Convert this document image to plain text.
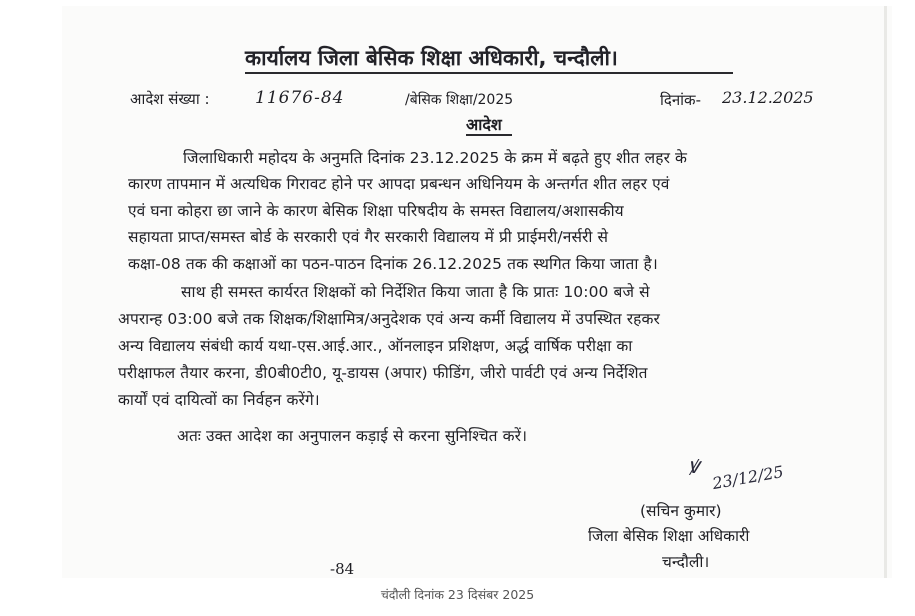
कार्यालय जिला बेसिक शिक्षा अधिकारी, चन्दौली।
आदेश संख्या :	11676-84	/बेसिक शिक्षा/2025	दिनांक- 23.12.2025
आदेश
जिलाधिकारी महोदय के अनुमति दिनांक 23.12.2025 के क्रम में बढ़ते हुए शीत लहर के
कारण तापमान में अत्यधिक गिरावट होने पर आपदा प्रबन्धन अधिनियम के अन्तर्गत शीत लहर एवं
एवं घना कोहरा छा जाने के कारण बेसिक शिक्षा परिषदीय के समस्त विद्यालय/अशासकीय
सहायता प्राप्त/समस्त बोर्ड के सरकारी एवं गैर सरकारी विद्यालय में प्री प्राईमरी/नर्सरी से
कक्षा-08 तक की कक्षाओं का पठन-पाठन दिनांक 26.12.2025 तक स्थगित किया जाता है।
साथ ही समस्त कार्यरत शिक्षकों को निर्देशित किया जाता है कि प्रातः 10:00 बजे से
अपरान्ह 03:00 बजे तक शिक्षक/शिक्षामित्र/अनुदेशक एवं अन्य कर्मी विद्यालय में उपस्थित रहकर
अन्य विद्यालय संबंधी कार्य यथा-एस.आई.आर., ऑनलाइन प्रशिक्षण, अर्द्ध वार्षिक परीक्षा का
परीक्षाफल तैयार करना, डी0बी0टी0, यू-डायस (अपार) फीडिंग, जीरो पार्वटी एवं अन्य निर्देशित
कार्यों एवं दायित्वों का निर्वहन करेंगे।
अतः उक्त आदेश का अनुपालन कड़ाई से करना सुनिश्चित करें।
ꝟ 23/12/25
(सचिन कुमार)
जिला बेसिक शिक्षा अधिकारी
चन्दौली।
-84
चंदौली दिनांक 23 दिसंबर 2025
